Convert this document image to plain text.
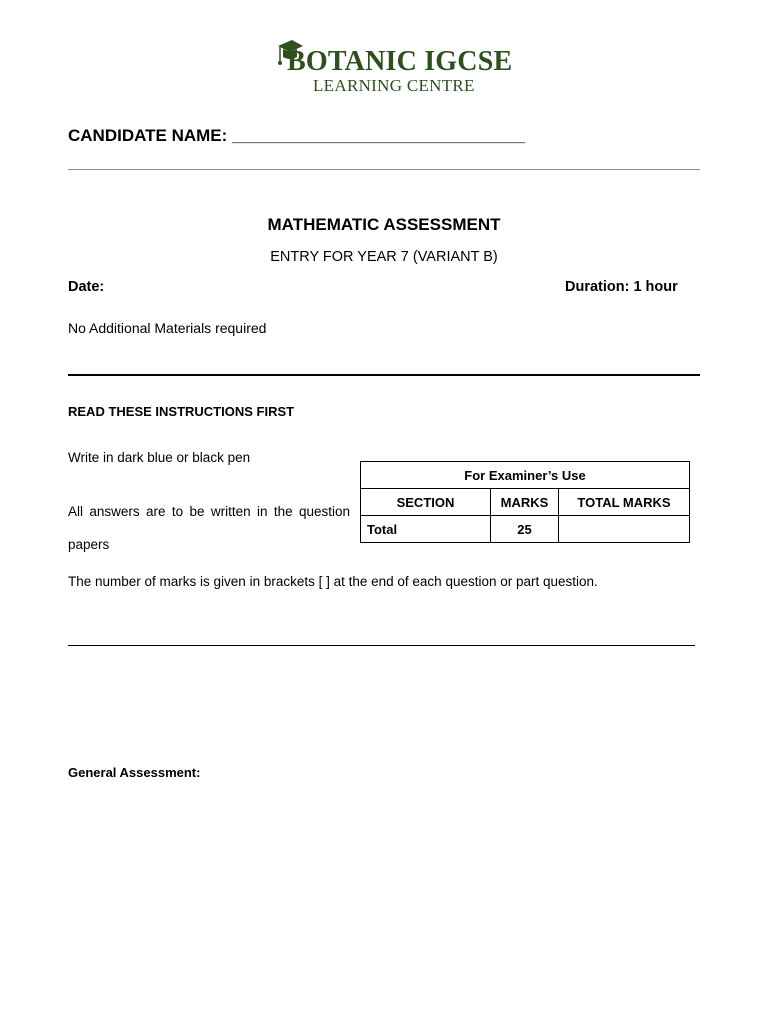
BOTANIC IGCSE
LEARNING CENTRE
CANDIDATE NAME: _______________________________
MATHEMATIC ASSESSMENT
ENTRY FOR YEAR 7 (VARIANT B)
Date:	Duration: 1 hour
No Additional Materials required
READ THESE INSTRUCTIONS FIRST
Write in dark blue or black pen
All answers are to be written in the question papers
For Examiner’s Use		
SECTION	MARKS	TOTAL MARKS
Total	25	
The number of marks is given in brackets [ ] at the end of each question or part question.
General Assessment:
